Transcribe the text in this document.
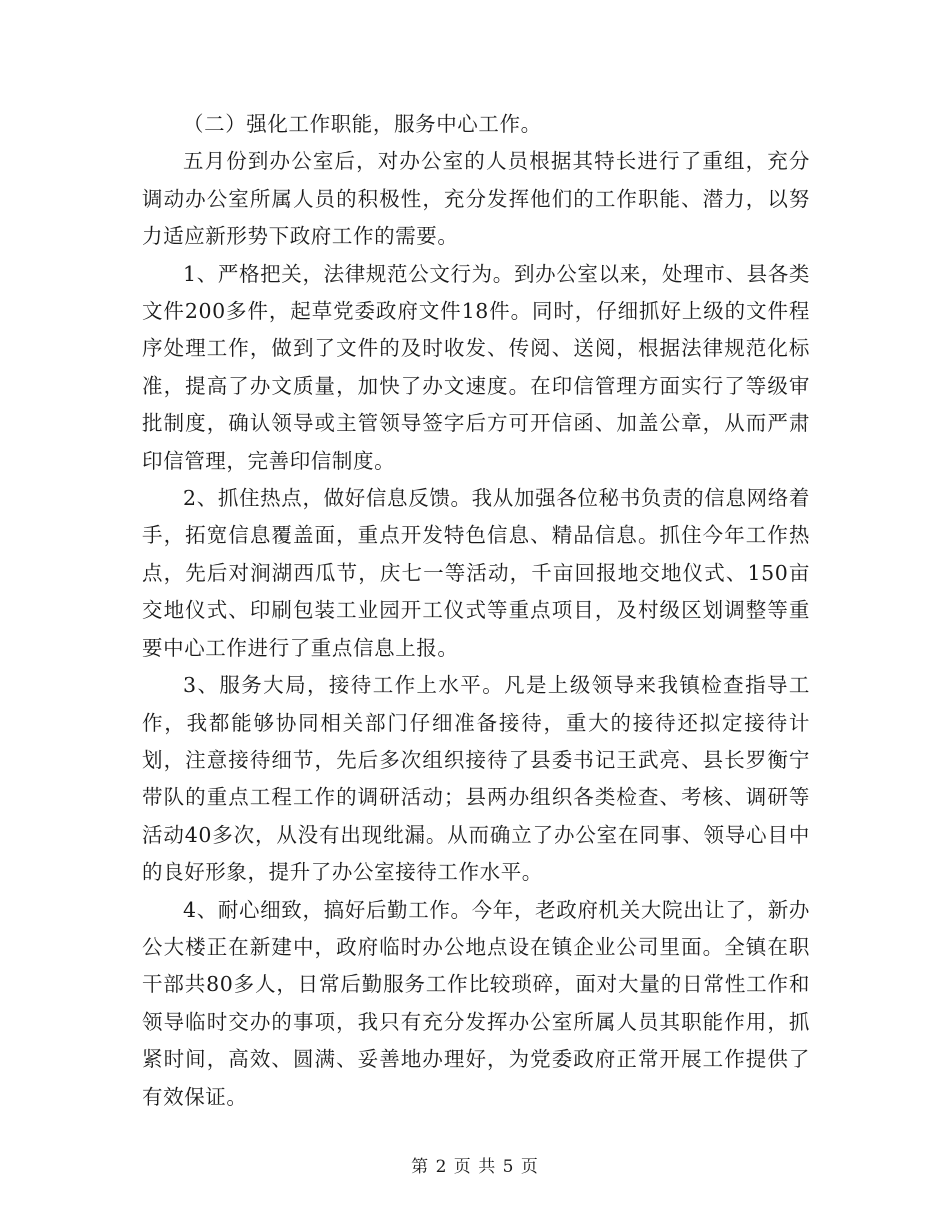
（二）强化工作职能，服务中心工作。

五月份到办公室后，对办公室的人员根据其特长进行了重组，充分调动办公室所属人员的积极性，充分发挥他们的工作职能、潜力，以努力适应新形势下政府工作的需要。

1、严格把关，法律规范公文行为。到办公室以来，处理市、县各类文件200多件，起草党委政府文件18件。同时，仔细抓好上级的文件程序处理工作，做到了文件的及时收发、传阅、送阅，根据法律规范化标准，提高了办文质量，加快了办文速度。在印信管理方面实行了等级审批制度，确认领导或主管领导签字后方可开信函、加盖公章，从而严肃印信管理，完善印信制度。

2、抓住热点，做好信息反馈。我从加强各位秘书负责的信息网络着手，拓宽信息覆盖面，重点开发特色信息、精品信息。抓住今年工作热点，先后对涧湖西瓜节，庆七一等活动，千亩回报地交地仪式、150亩交地仪式、印刷包装工业园开工仪式等重点项目，及村级区划调整等重要中心工作进行了重点信息上报。

3、服务大局，接待工作上水平。凡是上级领导来我镇检查指导工作，我都能够协同相关部门仔细准备接待，重大的接待还拟定接待计划，注意接待细节，先后多次组织接待了县委书记王武亮、县长罗衡宁带队的重点工程工作的调研活动；县两办组织各类检查、考核、调研等活动40多次，从没有出现纰漏。从而确立了办公室在同事、领导心目中的良好形象，提升了办公室接待工作水平。

4、耐心细致，搞好后勤工作。今年，老政府机关大院出让了，新办公大楼正在新建中，政府临时办公地点设在镇企业公司里面。全镇在职干部共80多人，日常后勤服务工作比较琐碎，面对大量的日常性工作和领导临时交办的事项，我只有充分发挥办公室所属人员其职能作用，抓紧时间，高效、圆满、妥善地办理好，为党委政府正常开展工作提供了有效保证。

第 2 页 共 5 页
